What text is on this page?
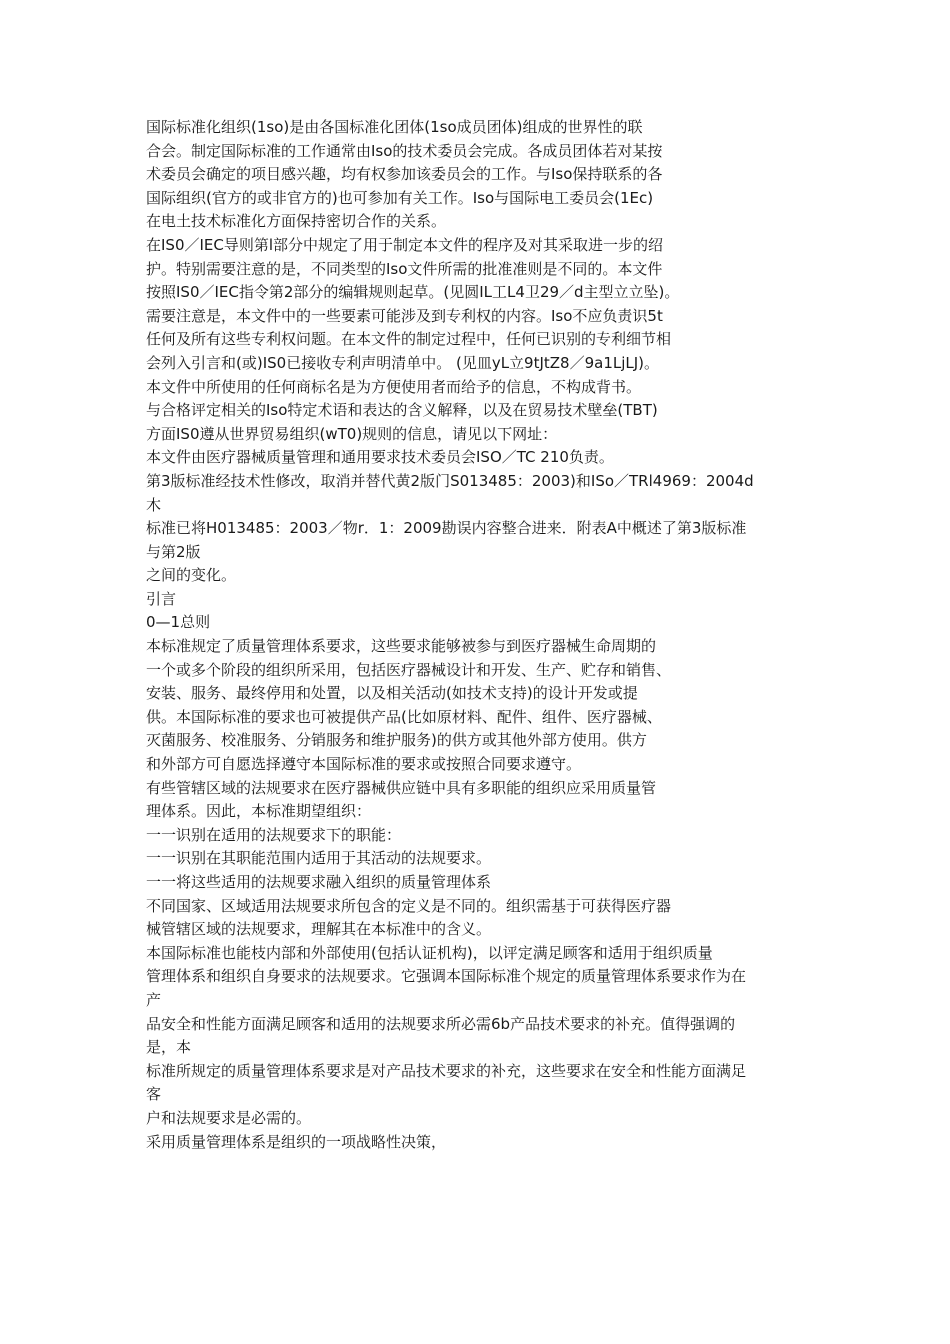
国际标准化组织(1so)是由各国标准化团体(1so成员团体)组成的世界性的联
合会。制定国际标准的工作通常由Iso的技术委员会完成。各成员团体若对某按
术委员会确定的项目感兴趣，均有权参加该委员会的工作。与Iso保持联系的各
国际组织(官方的或非官方的)也可参加有关工作。Iso与国际电工委员会(1Ec)
在电土技术标准化方面保持密切合作的关系。
在IS0／IEC导则第l部分中规定了用于制定本文件的程序及对其采取进一步的绍
护。特别需要注意的是，不同类型的Iso文件所需的批准准则是不同的。本文件
按照IS0／IEC指令第2部分的编辑规则起草。(见圆IL工L4卫29／d主型立立坠)。
需要注意是，本文件中的一些要素可能涉及到专利权的内容。Iso不应负责识5t
任何及所有这些专利权问题。在本文件的制定过程中，任何已识别的专利细节相
会列入引言和(或)IS0已接收专利声明清单中。 (见皿yL立9tJtZ8／9a1LjLJ)。
本文件中所使用的任何商标名是为方便使用者而给予的信息，不构成背书。
与合格评定相关的Iso特定术语和表达的含义解释，以及在贸易技术壁垒(TBT)
方面IS0遵从世界贸易组织(wT0)规则的信息，请见以下网址：
本文件由医疗器械质量管理和通用要求技术委员会ISO／TC 210负责。
第3版标准经技术性修改，取消并替代黄2版门S013485：2003)和ISo／TRl4969：2004d
木
标准已将H013485：2003／物r．1：2009勘误内容整合进来．附表A中概述了第3版标准
与第2版
之间的变化。
引言
0—1总则
本标准规定了质量管理体系要求，这些要求能够被参与到医疗器械生命周期的
一个或多个阶段的组织所采用，包括医疗器械设计和开发、生产、贮存和销售、
安装、服务、最终停用和处置，以及相关活动(如技术支持)的设计开发或提
供。本国际标准的要求也可被提供产品(比如原材料、配件、组件、医疗器械、
灭菌服务、校准服务、分销服务和维护服务)的供方或其他外部方使用。供方
和外部方可自愿选择遵守本国际标准的要求或按照合同要求遵守。
有些管辖区域的法规要求在医疗器械供应链中具有多职能的组织应采用质量管
理体系。因此，本标准期望组织：
一一识别在适用的法规要求下的职能：
一一识别在其职能范围内适用于其活动的法规要求。
一一将这些适用的法规要求融入组织的质量管理体系
不同国家、区域适用法规要求所包含的定义是不同的。组织需基于可获得医疗器
械管辖区域的法规要求，理解其在本标准中的含义。
本国际标准也能枝内部和外部使用(包括认证机构)，以评定满足顾客和适用于组织质量
管理体系和组织自身要求的法规要求。它强调本国际标准个规定的质量管理体系要求作为在
产
品安全和性能方面满足顾客和适用的法规要求所必需6b产品技术要求的补充。值得强调的
是，本
标准所规定的质量管理体系要求是对产品技术要求的补充，这些要求在安全和性能方面满足
客
户和法规要求是必需的。
采用质量管理体系是组织的一项战略性决策，
